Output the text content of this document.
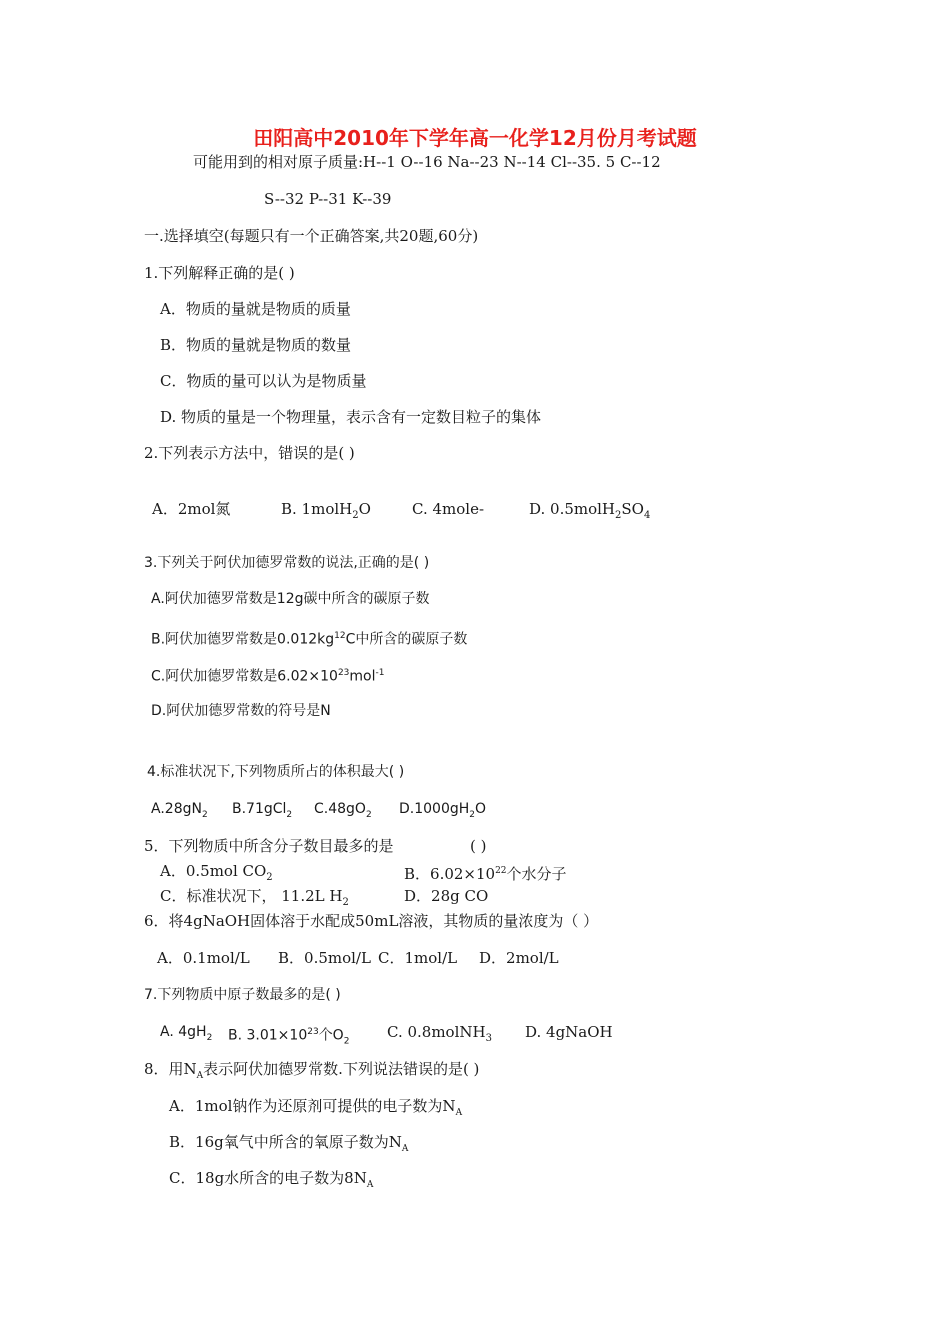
田阳高中2010年下学年高一化学12月份月考试题
可能用到的相对原子质量:H--1 O--16 Na--23 N--14 Cl--35. 5 C--12
S--32 P--31 K--39
一.选择填空(每题只有一个正确答案,共20题,60分)
1.下列解释正确的是( )
A．物质的量就是物质的质量
B．物质的量就是物质的数量
C．物质的量可以认为是物质量
D. 物质的量是一个物理量，表示含有一定数目粒子的集体
2.下列表示方法中，错误的是( )
A．2mol氮	B. 1molH$_2$O	C. 4mole-	D. $0.5molH_2SO_4$
3.下列关于阿伏加德罗常数的说法,正确的是( )
A.阿伏加德罗常数是12g碳中所含的碳原子数
B.阿伏加德罗常数是$0.012kg^{12}C$中所含的碳原子数
C.阿伏加德罗常数是$6.02\times 10^{23}mol^{-1}$
D.阿伏加德罗常数的符号是N
4.标准状况下,下列物质所占的体积最大( )
$A.28gN_2$ B.71gCl$_2$ $C.48gO_2$ $D.1000gH_2O$
5．下列物质中所含分子数目最多的是	( )
A．0.5mol $CO_2$	B．$6.02\times 10^{22}$个水分子
C．标准状况下， 11.2L $H_2$	D．28g CO
6．将4gNaOH固体溶于水配成50mL溶液，其物质的量浓度为（ ）
A．0.1mol/L B．0.5mol/L C．1mol/L D．2mol/L
7.下列物质中原子数最多的是( )
A. $4gH_2$ B. $3.01\times 10^{23}$个$O_2$
C. 0.8molNH$_3$ D. 4gNaOH
8．用$N_A$表示阿伏加德罗常数.下列说法错误的是( )
A．1mol钠作为还原剂可提供的电子数为$N_A$
B．16g氧气中所含的氧原子数为$N_A$
C．18g水所含的电子数为$8N_A$
